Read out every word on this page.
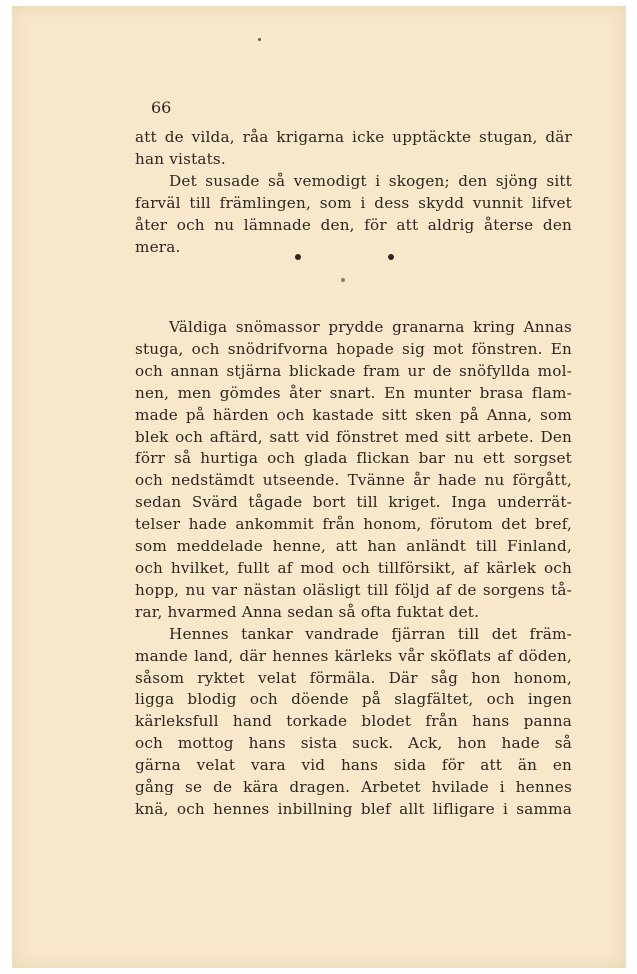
66

att de vilda, råa krigarna icke upptäckte stugan, där

han vistats.

Det susade så vemodigt i skogen; den sjöng sitt

farväl till främlingen, som i dess skydd vunnit lifvet

åter och nu lämnade den, för att aldrig återse den mera.

Väldiga snömassor prydde granarna kring Annas

stuga, och snödrifvorna hopade sig mot fönstren. En

och annan stjärna blickade fram ur de snöfyllda mol-

nen, men gömdes åter snart. En munter brasa flam-

made på härden och kastade sitt sken på Anna, som

blek och aftärd, satt vid fönstret med sitt arbete. Den

förr så hurtiga och glada flickan bar nu ett sorgset

och nedstämdt utseende. Tvänne år hade nu förgått,

sedan Svärd tågade bort till kriget. Inga underrät-

telser hade ankommit från honom, förutom det bref,

som meddelade henne, att han anländt till Finland,

och hvilket, fullt af mod och tillförsikt, af kärlek och

hopp, nu var nästan oläsligt till följd af de sorgens tå-

rar, hvarmed Anna sedan så ofta fuktat det.

Hennes tankar vandrade fjärran till det främ-

mande land, där hennes kärleks vår sköflats af döden,

såsom ryktet velat förmäla. Där såg hon honom,

ligga blodig och döende på slagfältet, och ingen

kärleksfull hand torkade blodet från hans panna

och mottog hans sista suck. Ack, hon hade så

gärna velat vara vid hans sida för att än en

gång se de kära dragen. Arbetet hvilade i hennes

knä, och hennes inbillning blef allt lifligare i samma
